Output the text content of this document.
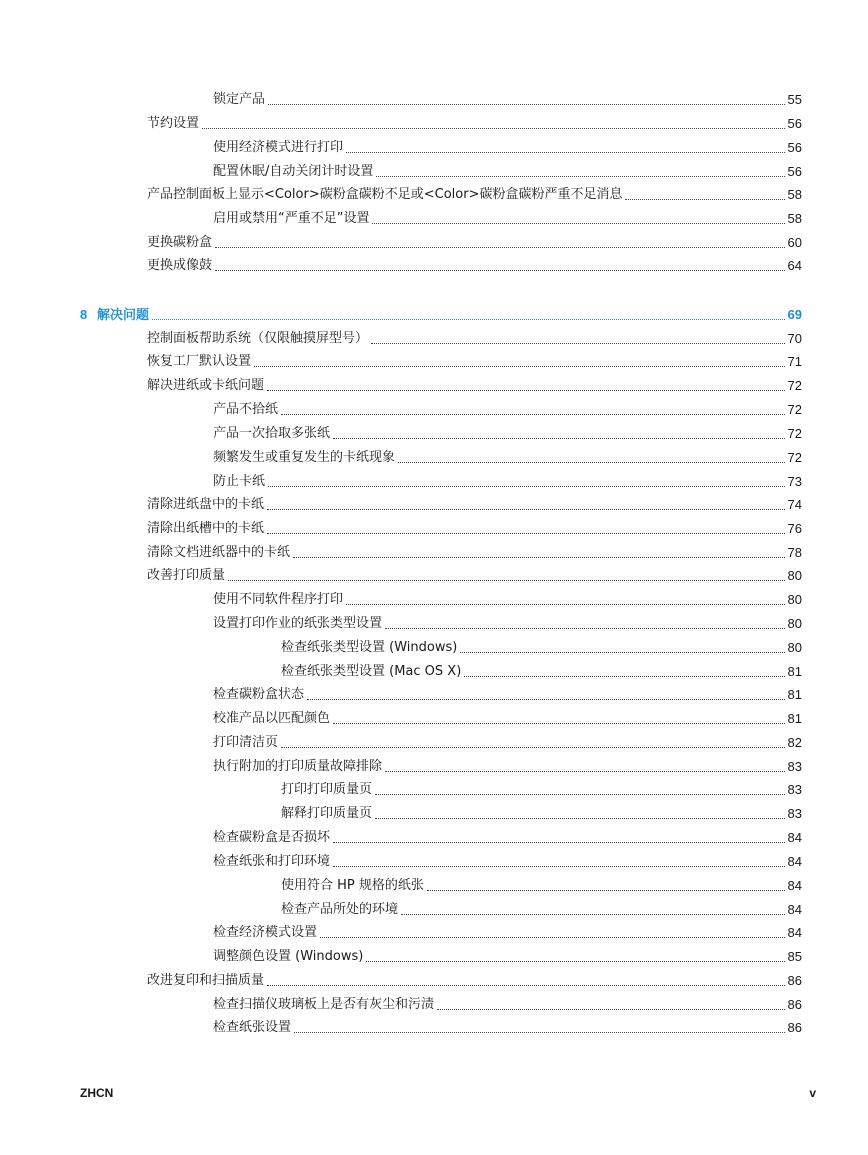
锁定产品	55
节约设置	56
使用经济模式进行打印	56
配置休眠/自动关闭计时设置	56
产品控制面板上显示<Color>碳粉盒碳粉不足或<Color>碳粉盒碳粉严重不足消息	58
启用或禁用“严重不足”设置	58
更换碳粉盒	60
更换成像鼓	64
8 解决问题	69
控制面板帮助系统（仅限触摸屏型号）	70
恢复工厂默认设置	71
解决进纸或卡纸问题	72
产品不拾纸	72
产品一次拾取多张纸	72
频繁发生或重复发生的卡纸现象	72
防止卡纸	73
清除进纸盘中的卡纸	74
清除出纸槽中的卡纸	76
清除文档进纸器中的卡纸	78
改善打印质量	80
使用不同软件程序打印	80
设置打印作业的纸张类型设置	80
检查纸张类型设置 (Windows)	80
检查纸张类型设置 (Mac OS X)	81
检查碳粉盒状态	81
校准产品以匹配颜色	81
打印清洁页	82
执行附加的打印质量故障排除	83
打印打印质量页	83
解释打印质量页	83
检查碳粉盒是否损坏	84
检查纸张和打印环境	84
使用符合 HP 规格的纸张	84
检查产品所处的环境	84
检查经济模式设置	84
调整颜色设置 (Windows)	85
改进复印和扫描质量	86
检查扫描仪玻璃板上是否有灰尘和污渍	86
检查纸张设置	86
ZHCN	v
